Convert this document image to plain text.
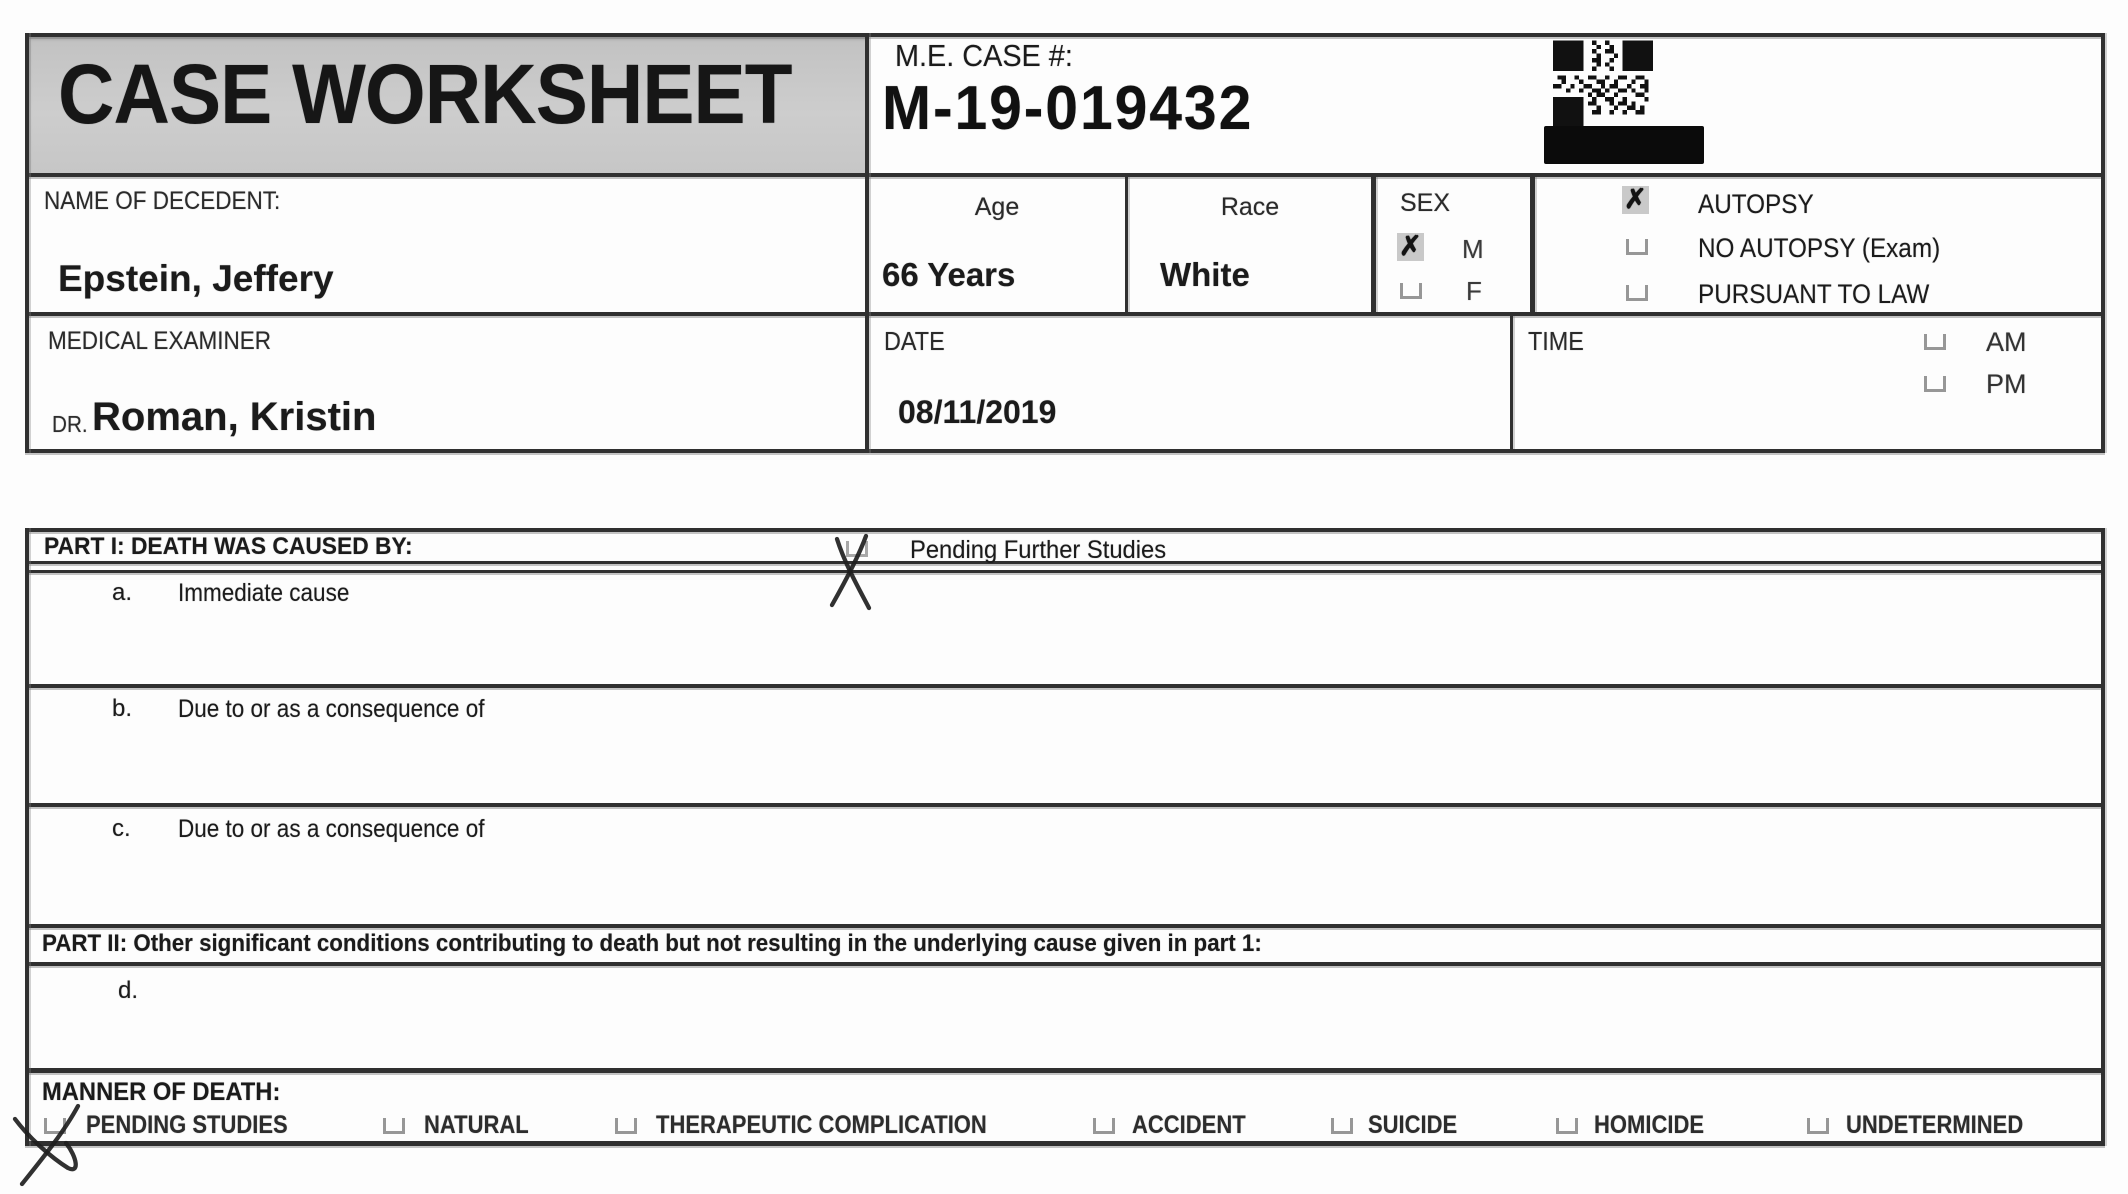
CASE WORKSHEET	M.E. CASE #:
M-19-019432
NAME OF DECEDENT:
Epstein, Jeffery
Age
66 Years
Race
White
SEX
✗ M
F
✗ AUTOPSY
NO AUTOPSY (Exam)
PURSUANT TO LAW
MEDICAL EXAMINER
DR. Roman, Kristin
DATE
08/11/2019
TIME	AM
PM
PART I: DEATH WAS CAUSED BY:	Pending Further Studies
a. Immediate cause
b. Due to or as a consequence of
c. Due to or as a consequence of
PART II: Other significant conditions contributing to death but not resulting in the underlying cause given in part 1:
d.
MANNER OF DEATH:
PENDING STUDIES	NATURAL	THERAPEUTIC COMPLICATION	ACCIDENT	SUICIDE	HOMICIDE	UNDETERMINED
